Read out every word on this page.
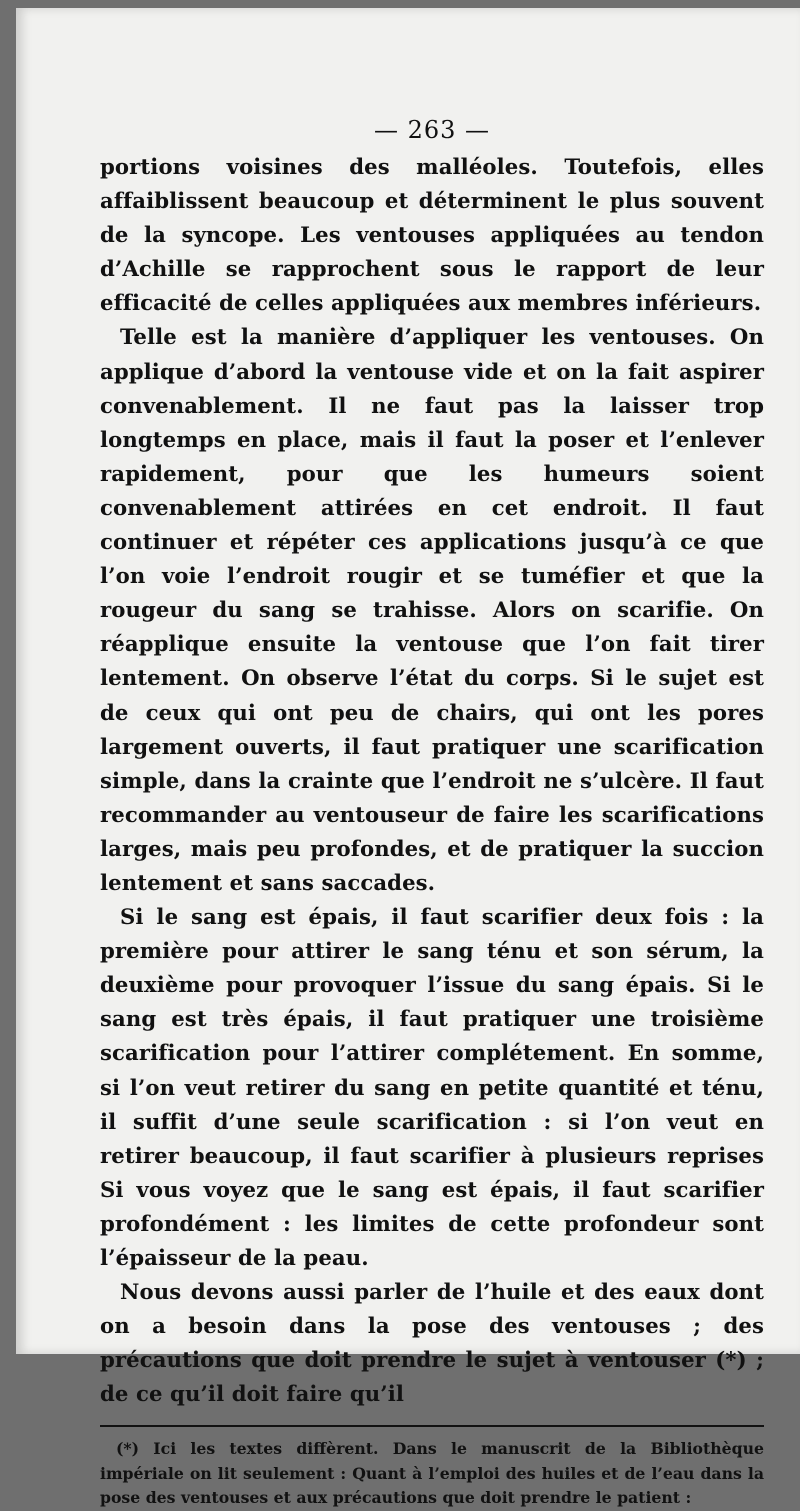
— 263 —

portions voisines des malléoles. Toutefois, elles affaiblissent beaucoup et déterminent le plus souvent de la syncope. Les ventouses appliquées au tendon d’Achille se rapprochent sous le rapport de leur efficacité de celles appliquées aux membres inférieurs.

Telle est la manière d’appliquer les ventouses. On applique d’abord la ventouse vide et on la fait aspirer convenablement. Il ne faut pas la laisser trop longtemps en place, mais il faut la poser et l’enlever rapidement, pour que les humeurs soient convenablement attirées en cet endroit. Il faut continuer et répéter ces applications jusqu’à ce que l’on voie l’endroit rougir et se tuméfier et que la rougeur du sang se trahisse. Alors on scarifie. On réapplique ensuite la ventouse que l’on fait tirer lentement. On observe l’état du corps. Si le sujet est de ceux qui ont peu de chairs, qui ont les pores largement ouverts, il faut pratiquer une scarification simple, dans la crainte que l’endroit ne s’ulcère. Il faut recommander au ventouseur de faire les scarifications larges, mais peu profondes, et de pratiquer la succion lentement et sans saccades.

Si le sang est épais, il faut scarifier deux fois : la première pour attirer le sang ténu et son sérum, la deuxième pour provoquer l’issue du sang épais. Si le sang est très épais, il faut pratiquer une troisième scarification pour l’attirer complétement. En somme, si l’on veut retirer du sang en petite quantité et ténu, il suffit d’une seule scarification : si l’on veut en retirer beaucoup, il faut scarifier à plusieurs reprises Si vous voyez que le sang est épais, il faut scarifier profondément : les limites de cette profondeur sont l’épaisseur de la peau.

Nous devons aussi parler de l’huile et des eaux dont on a besoin dans la pose des ventouses ; des précautions que doit prendre le sujet à ventouser (*) ; de ce qu’il doit faire qu’il

(*) Ici les textes diffèrent. Dans le manuscrit de la Bibliothèque impériale on lit seulement : Quant à l’emploi des huiles et de l’eau dans la pose des ventouses et aux précautions que doit prendre le patient :
